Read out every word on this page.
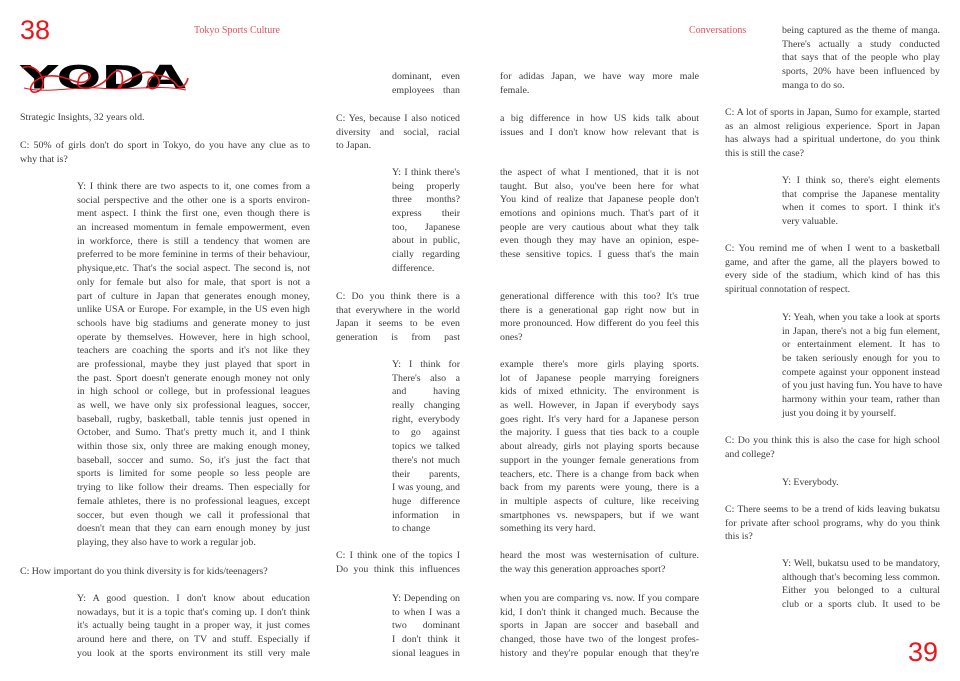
38	Tokyo Sports Culture	Conversations
39
YODA
Strategic Insights, 32 years old.
C: 50% of girls don't do sport in Tokyo, do you have any clue as to
why that is?
Y: I think there are two aspects to it, one comes from a
social perspective and the other one is a sports environ-
ment aspect. I think the first one, even though there is
an increased momentum in female empowerment, even
in workforce, there is still a tendency that women are
preferred to be more feminine in terms of their behaviour,
physique,etc. That's the social aspect. The second is, not
only for female but also for male, that sport is not a
part of culture in Japan that generates enough money,
unlike USA or Europe. For example, in the US even high
schools have big stadiums and generate money to just
operate by themselves. However, here in high school,
teachers are coaching the sports and it's not like they
are professional, maybe they just played that sport in
the past. Sport doesn't generate enough money not only
in high school or college, but in professional leagues
as well, we have only six professional leagues, soccer,
baseball, rugby, basketball, table tennis just opened in
October, and Sumo. That's pretty much it, and I think
within those six, only three are making enough money,
baseball, soccer and sumo. So, it's just the fact that
sports is limited for some people so less people are
trying to like follow their dreams. Then especially for
female athletes, there is no professional leagues, except
soccer, but even though we call it professional that
doesn't mean that they can earn enough money by just
playing, they also have to work a regular job.
C: How important do you think diversity is for kids/teenagers?
Y: A good question. I don't know about education
nowadays, but it is a topic that's coming up. I don't think
it's actually being taught in a proper way, it just comes
around here and there, on TV and stuff. Especially if
you look at the sports environment its still very male
dominant, even
employees than
C: Yes, because I also noticed
diversity and social, racial
to Japan.
Y: I think there's
being properly
three months?
express their
too, Japanese
about in public,
cially regarding
difference.
C: Do you think there is a
that everywhere in the world
Japan it seems to be even
generation is from past
Y: I think for
There's also a
and having
really changing
right, everybody
to go against
topics we talked
there's not much
their parents,
I was young, and
huge difference
information in
to change
C: I think one of the topics I
Do you think this influences
Y: Depending on
to when I was a
two dominant
I don't think it
sional leagues in
for adidas Japan, we have way more male
female.
a big difference in how US kids talk about
issues and I don't know how relevant that is
the aspect of what I mentioned, that it is not
taught. But also, you've been here for what
You kind of realize that Japanese people don't
emotions and opinions much. That's part of it
people are very cautious about what they talk
even though they may have an opinion, espe-
these sensitive topics. I guess that's the main
generational difference with this too? It's true
there is a generational gap right now but in
more pronounced. How different do you feel this
ones?
example there's more girls playing sports.
lot of Japanese people marrying foreigners
kids of mixed ethnicity. The environment is
as well. However, in Japan if everybody says
goes right. It's very hard for a Japanese person
the majority. I guess that ties back to a couple
about already, girls not playing sports because
support in the younger female generations from
teachers, etc. There is a change from back when
back from my parents were young, there is a
in multiple aspects of culture, like receiving
smartphones vs. newspapers, but if we want
something its very hard.
heard the most was westernisation of culture.
the way this generation approaches sport?
when you are comparing vs. now. If you compare
kid, I don't think it changed much. Because the
sports in Japan are soccer and baseball and
changed, those have two of the longest profes-
history and they're popular enough that they're
being captured as the theme of manga.
There's actually a study conducted
that says that of the people who play
sports, 20% have been influenced by
manga to do so.
C: A lot of sports in Japan, Sumo for example, started
as an almost religious experience. Sport in Japan
has always had a spiritual undertone, do you think
this is still the case?
Y: I think so, there's eight elements
that comprise the Japanese mentality
when it comes to sport. I think it's
very valuable.
C: You remind me of when I went to a basketball
game, and after the game, all the players bowed to
every side of the stadium, which kind of has this
spiritual connotation of respect.
Y: Yeah, when you take a look at sports
in Japan, there's not a big fun element,
or entertainment element. It has to
be taken seriously enough for you to
compete against your opponent instead
of you just having fun. You have to have
harmony within your team, rather than
just you doing it by yourself.
C: Do you think this is also the case for high school
and college?
Y: Everybody.
C: There seems to be a trend of kids leaving bukatsu
for private after school programs, why do you think
this is?
Y: Well, bukatsu used to be mandatory,
although that's becoming less common.
Either you belonged to a cultural
club or a sports club. It used to be
